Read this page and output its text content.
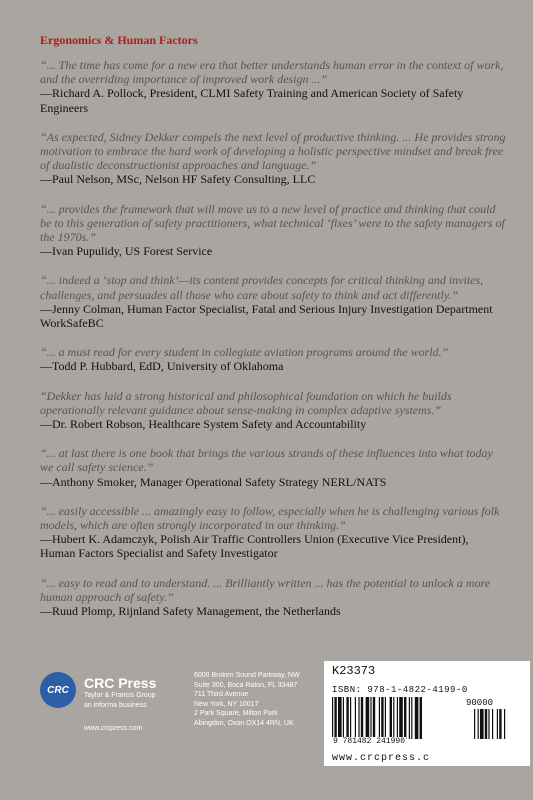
Ergonomics & Human Factors

“... The time has come for a new era that better understands human error in the context of work, and the overriding importance of improved work design ...”

—Richard A. Pollock, President, CLMI Safety Training and American Society of Safety Engineers

“As expected, Sidney Dekker compels the next level of productive thinking. ... He provides strong motivation to embrace the hard work of developing a holistic perspective mindset and break free of dualistic deconstructionist approaches and language.”

—Paul Nelson, MSc, Nelson HF Safety Consulting, LLC

“... provides the framework that will move us to a new level of practice and thinking that could be to this generation of safety practitioners, what technical ‘fixes’ were to the safety managers of the 1970s.”

—Ivan Pupulidy, US Forest Service

“... indeed a ‘stop and think’—its content provides concepts for critical thinking and invites, challenges, and persuades all those who care about safety to think and act differently.”

—Jenny Colman, Human Factor Specialist, Fatal and Serious Injury Investigation Department WorkSafeBC

“... a must read for every student in collegiate aviation programs around the world.”

—Todd P. Hubbard, EdD, University of Oklahoma

“Dekker has laid a strong historical and philosophical foundation on which he builds operationally relevant guidance about sense-making in complex adaptive systems.”

—Dr. Robert Robson, Healthcare System Safety and Accountability

“... at last there is one book that brings the various strands of these influences into what today we call safety science.”

—Anthony Smoker, Manager Operational Safety Strategy NERL/NATS

“... easily accessible ... amazingly easy to follow, especially when he is challenging various folk models, which are often strongly incorporated in our thinking.”

—Hubert K. Adamczyk, Polish Air Traffic Controllers Union (Executive Vice President), Human Factors Specialist and Safety Investigator

“... easy to read and to understand. ... Brilliantly written ... has the potential to unlock a more human approach of safety.”

—Ruud Plomp, Rijnland Safety Management, the Netherlands

CRC CRC Press
Taylor & Francis Group
an informa business
www.crcpress.com
6000 Broken Sound Parkway, NW
Suite 300, Boca Raton, FL 33487
711 Third Avenue
New York, NY 10017
2 Park Square, Milton Park
Abingdon, Oxon OX14 4RN, UK
K23373
ISBN: 978-1-4822-4199-0
90000
9 781482 241990
www.crcpress.c
